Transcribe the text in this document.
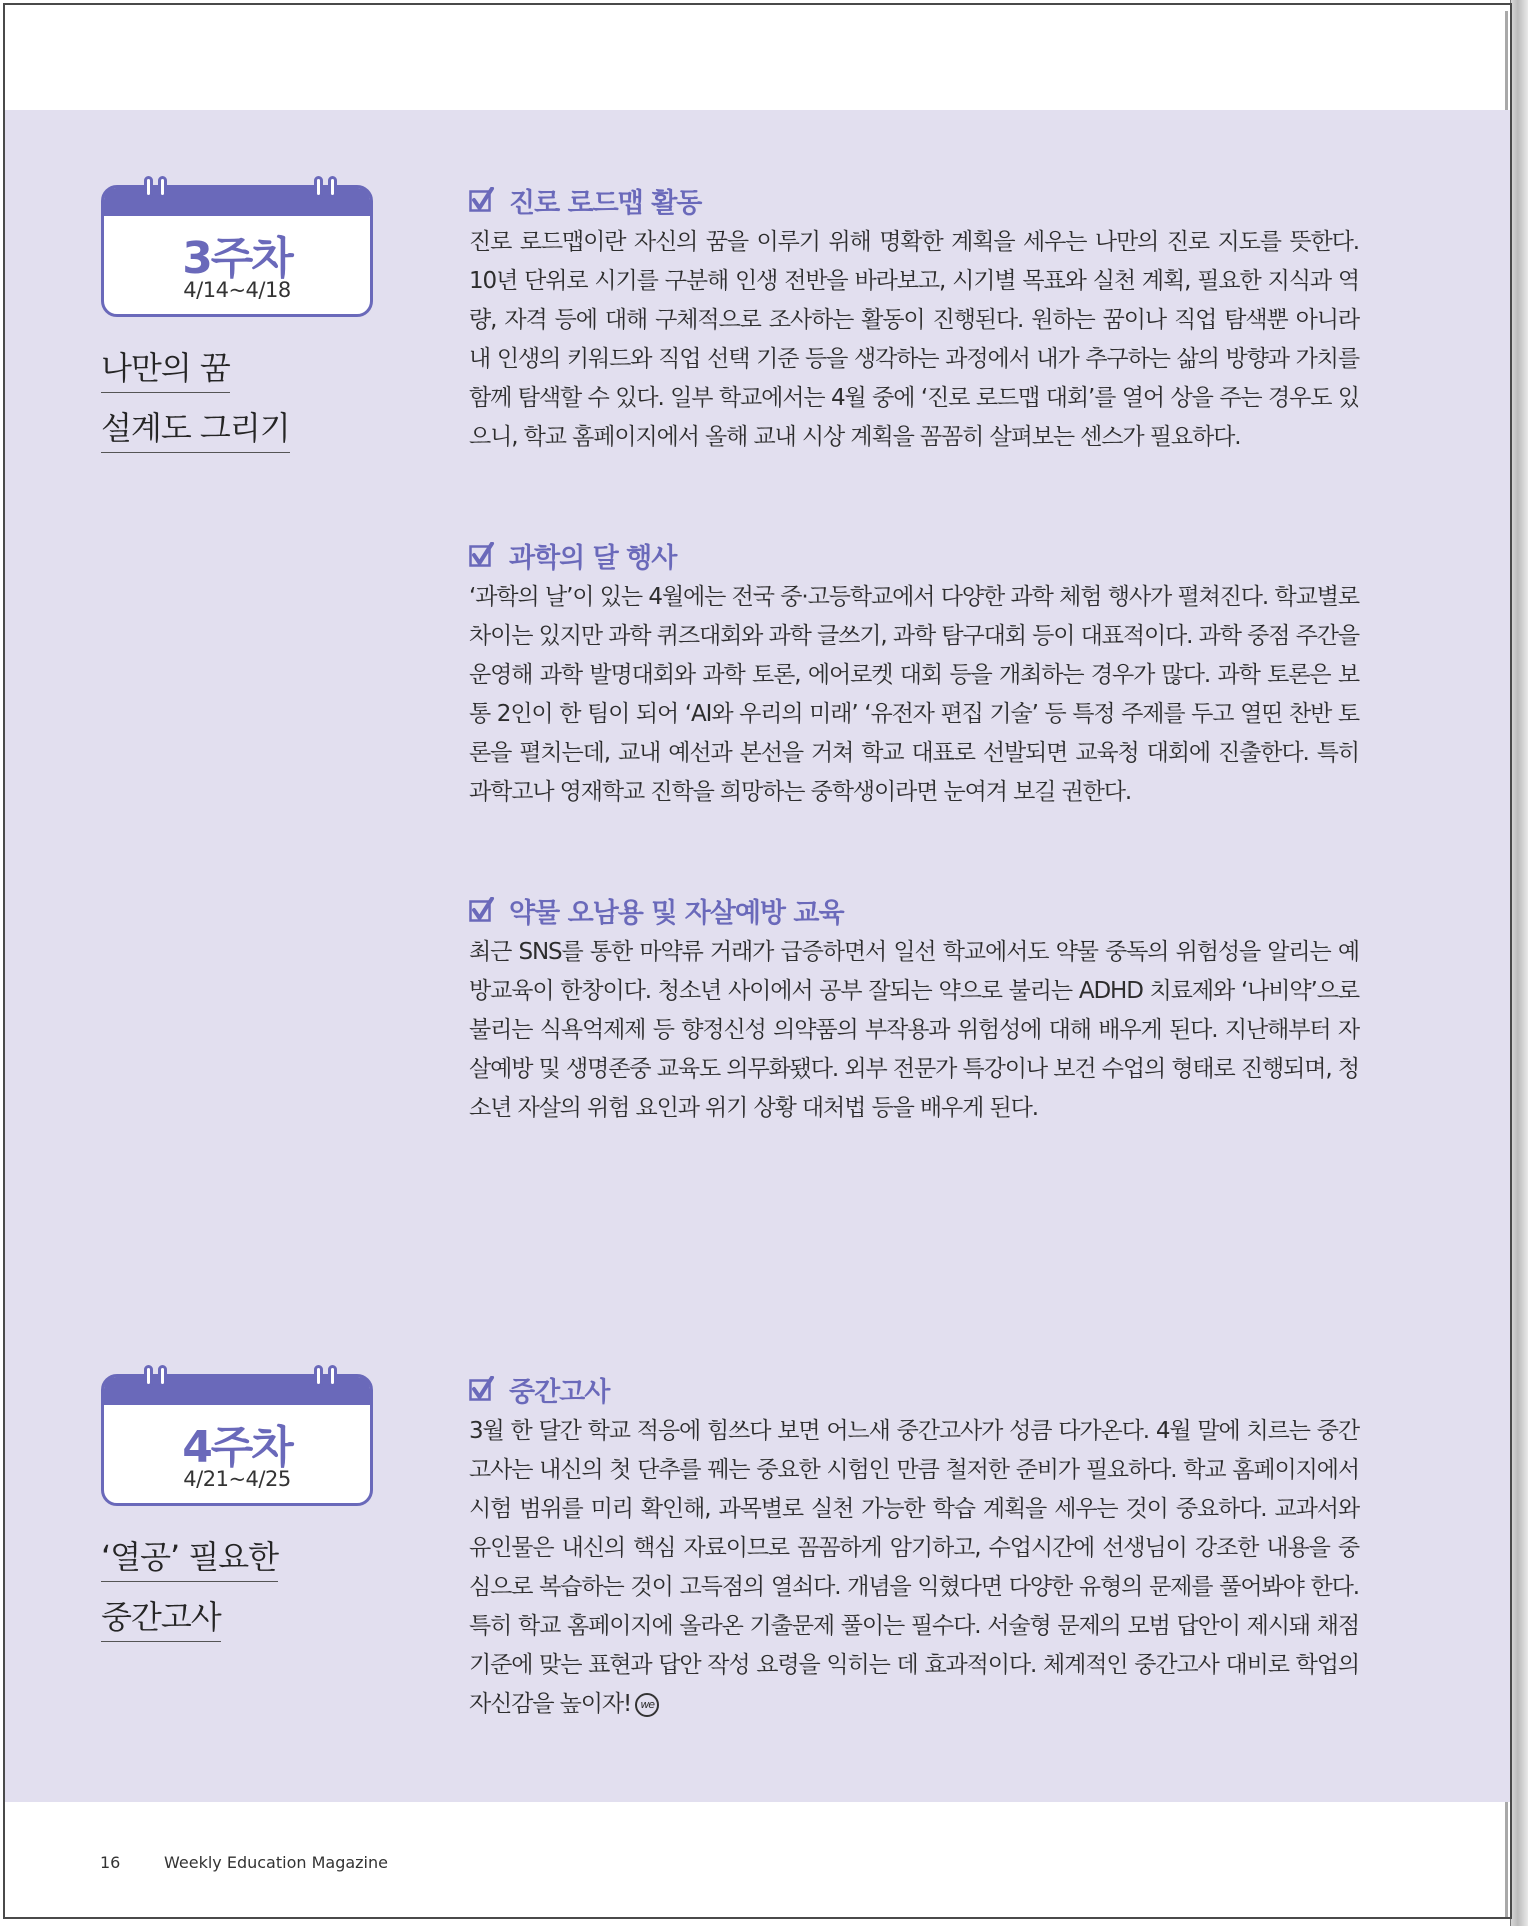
3주차
4/14~4/18
나만의 꿈
설계도 그리기
진로 로드맵 활동
진로 로드맵이란 자신의 꿈을 이루기 위해 명확한 계획을 세우는 나만의 진로 지도를 뜻한다. 10년 단위로 시기를 구분해 인생 전반을 바라보고, 시기별 목표와 실천 계획, 필요한 지식과 역량, 자격 등에 대해 구체적으로 조사하는 활동이 진행된다. 원하는 꿈이나 직업 탐색뿐 아니라 내 인생의 키워드와 직업 선택 기준 등을 생각하는 과정에서 내가 추구하는 삶의 방향과 가치를 함께 탐색할 수 있다. 일부 학교에서는 4월 중에 ‘진로 로드맵 대회’를 열어 상을 주는 경우도 있으니, 학교 홈페이지에서 올해 교내 시상 계획을 꼼꼼히 살펴보는 센스가 필요하다.
과학의 달 행사
‘과학의 날’이 있는 4월에는 전국 중·고등학교에서 다양한 과학 체험 행사가 펼쳐진다. 학교별로 차이는 있지만 과학 퀴즈대회와 과학 글쓰기, 과학 탐구대회 등이 대표적이다. 과학 중점 주간을 운영해 과학 발명대회와 과학 토론, 에어로켓 대회 등을 개최하는 경우가 많다. 과학 토론은 보통 2인이 한 팀이 되어 ‘AI와 우리의 미래’ ‘유전자 편집 기술’ 등 특정 주제를 두고 열띤 찬반 토론을 펼치는데, 교내 예선과 본선을 거쳐 학교 대표로 선발되면 교육청 대회에 진출한다. 특히 과학고나 영재학교 진학을 희망하는 중학생이라면 눈여겨 보길 권한다.
약물 오남용 및 자살예방 교육
최근 SNS를 통한 마약류 거래가 급증하면서 일선 학교에서도 약물 중독의 위험성을 알리는 예방교육이 한창이다. 청소년 사이에서 공부 잘되는 약으로 불리는 ADHD 치료제와 ‘나비약’으로 불리는 식욕억제제 등 향정신성 의약품의 부작용과 위험성에 대해 배우게 된다. 지난해부터 자살예방 및 생명존중 교육도 의무화됐다. 외부 전문가 특강이나 보건 수업의 형태로 진행되며, 청소년 자살의 위험 요인과 위기 상황 대처법 등을 배우게 된다.
4주차
4/21~4/25
‘열공’ 필요한
중간고사
중간고사
3월 한 달간 학교 적응에 힘쓰다 보면 어느새 중간고사가 성큼 다가온다. 4월 말에 치르는 중간고사는 내신의 첫 단추를 꿰는 중요한 시험인 만큼 철저한 준비가 필요하다. 학교 홈페이지에서 시험 범위를 미리 확인해, 과목별로 실천 가능한 학습 계획을 세우는 것이 중요하다. 교과서와 유인물은 내신의 핵심 자료이므로 꼼꼼하게 암기하고, 수업시간에 선생님이 강조한 내용을 중심으로 복습하는 것이 고득점의 열쇠다. 개념을 익혔다면 다양한 유형의 문제를 풀어봐야 한다. 특히 학교 홈페이지에 올라온 기출문제 풀이는 필수다. 서술형 문제의 모범 답안이 제시돼 채점 기준에 맞는 표현과 답안 작성 요령을 익히는 데 효과적이다. 체계적인 중간고사 대비로 학업의 자신감을 높이자! we
16	Weekly Education Magazine
